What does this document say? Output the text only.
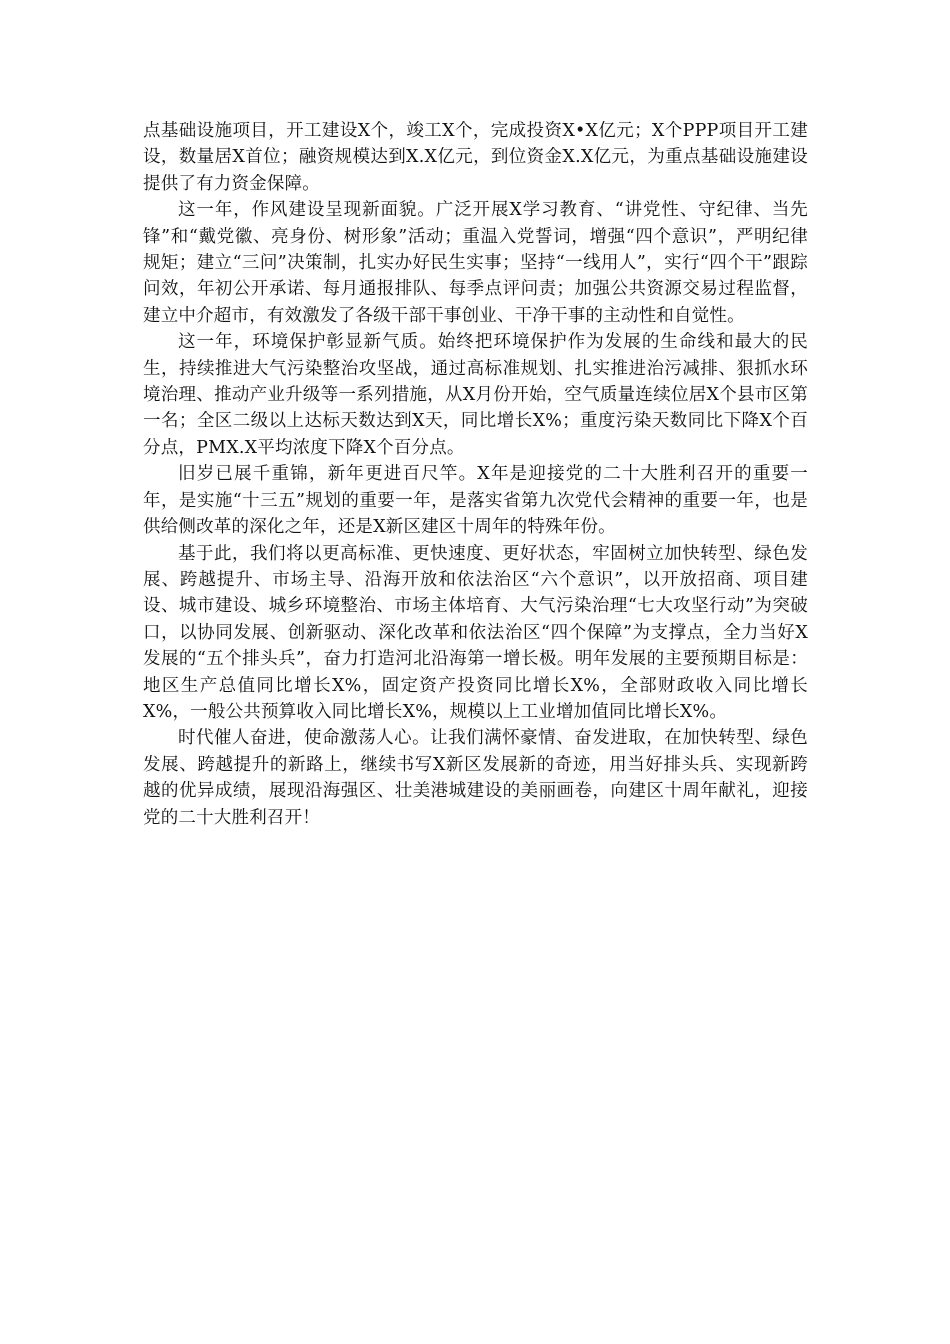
点基础设施项目，开工建设X个，竣工X个，完成投资X•X亿元；X个PPP项目开工建设，数量居X首位；融资规模达到X.X亿元，到位资金X.X亿元，为重点基础设施建设提供了有力资金保障。

这一年，作风建设呈现新面貌。广泛开展X学习教育、“讲党性、守纪律、当先锋”和“戴党徽、亮身份、树形象”活动；重温入党誓词，增强“四个意识”，严明纪律规矩；建立“三问”决策制，扎实办好民生实事；坚持“一线用人”，实行“四个干”跟踪问效，年初公开承诺、每月通报排队、每季点评问责；加强公共资源交易过程监督，建立中介超市，有效激发了各级干部干事创业、干净干事的主动性和自觉性。

这一年，环境保护彰显新气质。始终把环境保护作为发展的生命线和最大的民生，持续推进大气污染整治攻坚战，通过高标准规划、扎实推进治污减排、狠抓水环境治理、推动产业升级等一系列措施，从X月份开始，空气质量连续位居X个县市区第一名；全区二级以上达标天数达到X天，同比增长X%；重度污染天数同比下降X个百分点，PMX.X平均浓度下降X个百分点。

旧岁已展千重锦，新年更进百尺竿。X年是迎接党的二十大胜利召开的重要一年，是实施“十三五”规划的重要一年，是落实省第九次党代会精神的重要一年，也是供给侧改革的深化之年，还是X新区建区十周年的特殊年份。

基于此，我们将以更高标准、更快速度、更好状态，牢固树立加快转型、绿色发展、跨越提升、市场主导、沿海开放和依法治区“六个意识”，以开放招商、项目建设、城市建设、城乡环境整治、市场主体培育、大气污染治理“七大攻坚行动”为突破口，以协同发展、创新驱动、深化改革和依法治区“四个保障”为支撑点，全力当好X发展的“五个排头兵”，奋力打造河北沿海第一增长极。明年发展的主要预期目标是：地区生产总值同比增长X%，固定资产投资同比增长X%，全部财政收入同比增长X%，一般公共预算收入同比增长X%，规模以上工业增加值同比增长X%。

时代催人奋进，使命激荡人心。让我们满怀豪情、奋发进取，在加快转型、绿色发展、跨越提升的新路上，继续书写X新区发展新的奇迹，用当好排头兵、实现新跨越的优异成绩，展现沿海强区、壮美港城建设的美丽画卷，向建区十周年献礼，迎接党的二十大胜利召开！
